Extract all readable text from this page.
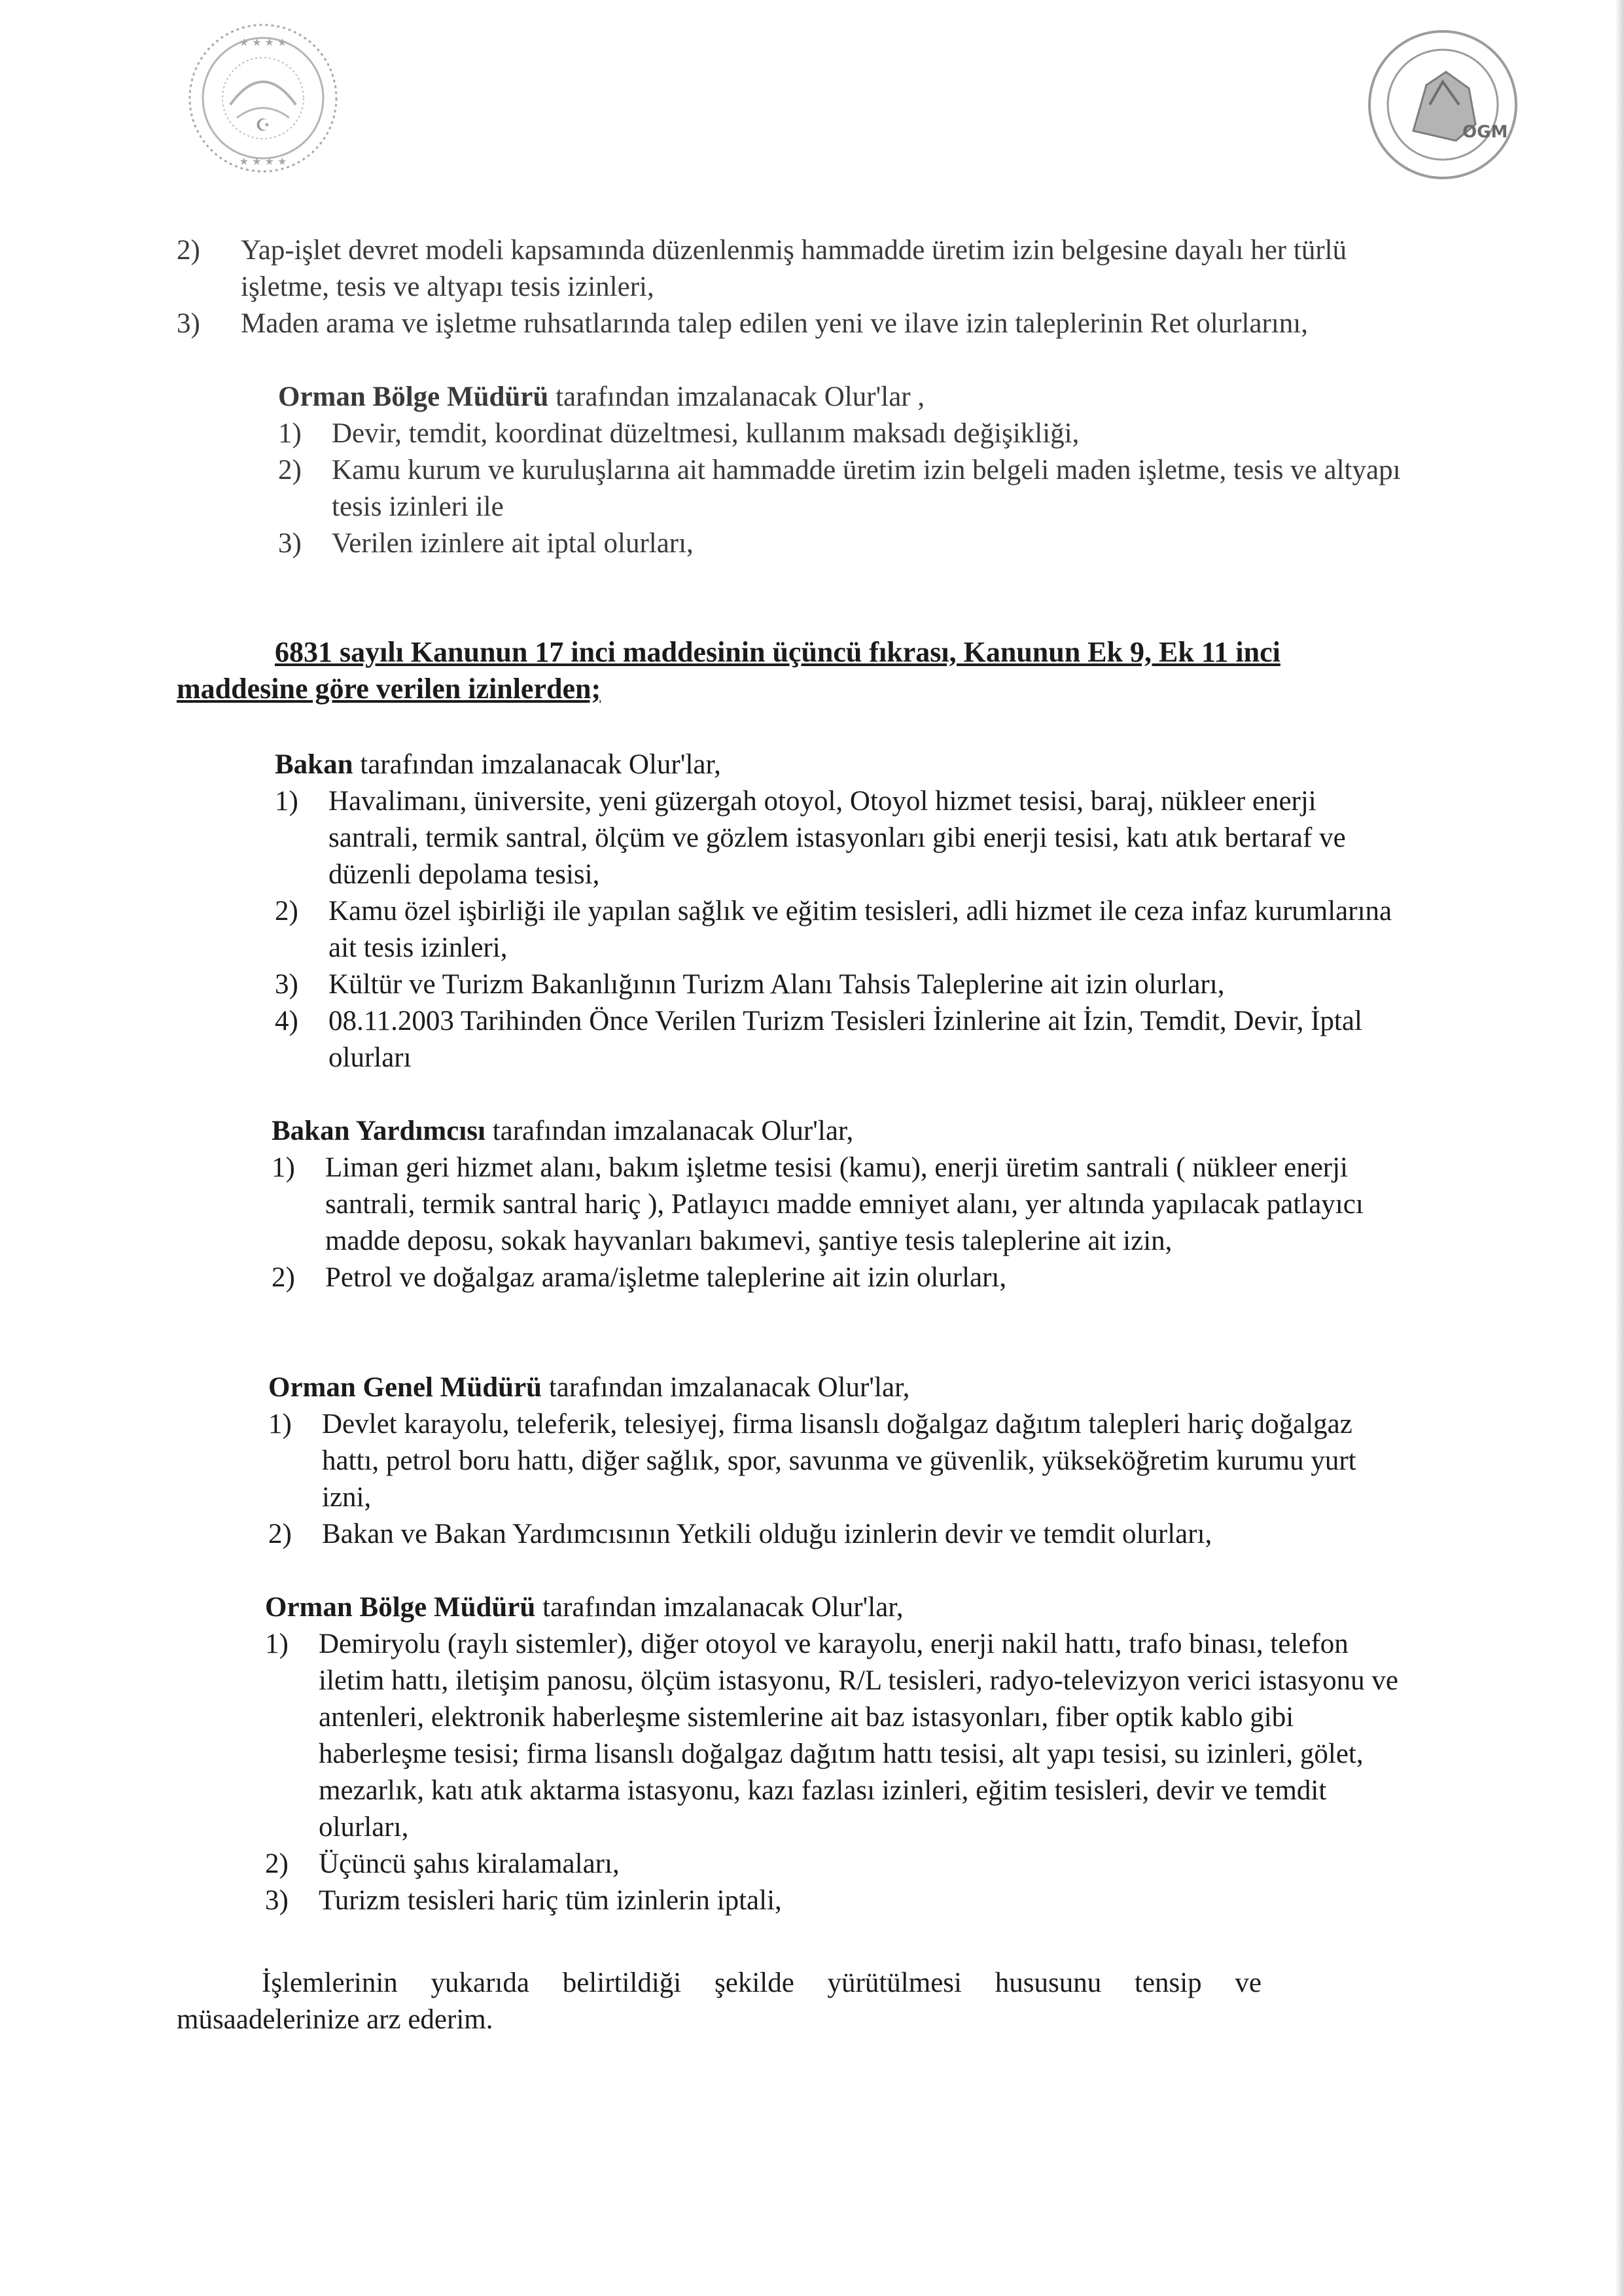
☪
★ ★ ★ ★
★ ★ ★ ★
OGM
2) Yap-işlet devret modeli kapsamında düzenlenmiş hammadde üretim izin belgesine dayalı her türlü işletme, tesis ve altyapı tesis izinleri,
3) Maden arama ve işletme ruhsatlarında talep edilen yeni ve ilave izin taleplerinin Ret olurlarını,
Orman Bölge Müdürü tarafından imzalanacak Olur'lar ,
1) Devir, temdit, koordinat düzeltmesi, kullanım maksadı değişikliği,
2) Kamu kurum ve kuruluşlarına ait hammadde üretim izin belgeli maden işletme, tesis ve altyapı tesis izinleri ile
3) Verilen izinlere ait iptal olurları,
6831 sayılı Kanunun 17 inci maddesinin üçüncü fıkrası, Kanunun Ek 9, Ek 11 inci
maddesine göre verilen izinlerden;
Bakan tarafından imzalanacak Olur'lar,
1) Havalimanı, üniversite, yeni güzergah otoyol, Otoyol hizmet tesisi, baraj, nükleer enerji santrali, termik santral, ölçüm ve gözlem istasyonları gibi enerji tesisi, katı atık bertaraf ve düzenli depolama tesisi,
2) Kamu özel işbirliği ile yapılan sağlık ve eğitim tesisleri, adli hizmet ile ceza infaz kurumlarına ait tesis izinleri,
3) Kültür ve Turizm Bakanlığının Turizm Alanı Tahsis Taleplerine ait izin olurları,
4) 08.11.2003 Tarihinden Önce Verilen Turizm Tesisleri İzinlerine ait İzin, Temdit, Devir, İptal olurları
Bakan Yardımcısı tarafından imzalanacak Olur'lar,
1) Liman geri hizmet alanı, bakım işletme tesisi (kamu), enerji üretim santrali ( nükleer enerji santrali, termik santral hariç ), Patlayıcı madde emniyet alanı, yer altında yapılacak patlayıcı madde deposu, sokak hayvanları bakımevi, şantiye tesis taleplerine ait izin,
2) Petrol ve doğalgaz arama/işletme taleplerine ait izin olurları,
Orman Genel Müdürü tarafından imzalanacak Olur'lar,
1) Devlet karayolu, teleferik, telesiyej, firma lisanslı doğalgaz dağıtım talepleri hariç doğalgaz hattı, petrol boru hattı, diğer sağlık, spor, savunma ve güvenlik, yükseköğretim kurumu yurt izni,
2) Bakan ve Bakan Yardımcısının Yetkili olduğu izinlerin devir ve temdit olurları,
Orman Bölge Müdürü tarafından imzalanacak Olur'lar,
1) Demiryolu (raylı sistemler), diğer otoyol ve karayolu, enerji nakil hattı, trafo binası, telefon iletim hattı, iletişim panosu, ölçüm istasyonu, R/L tesisleri, radyo-televizyon verici istasyonu ve antenleri, elektronik haberleşme sistemlerine ait baz istasyonları, fiber optik kablo gibi haberleşme tesisi; firma lisanslı doğalgaz dağıtım hattı tesisi, alt yapı tesisi, su izinleri, gölet, mezarlık, katı atık aktarma istasyonu, kazı fazlası izinleri, eğitim tesisleri, devir ve temdit olurları,
2) Üçüncü şahıs kiralamaları,
3) Turizm tesisleri hariç tüm izinlerin iptali,
İşlemlerinin yukarıda belirtildiği şekilde yürütülmesi hususunu tensip ve
müsaadelerinize arz ederim.
